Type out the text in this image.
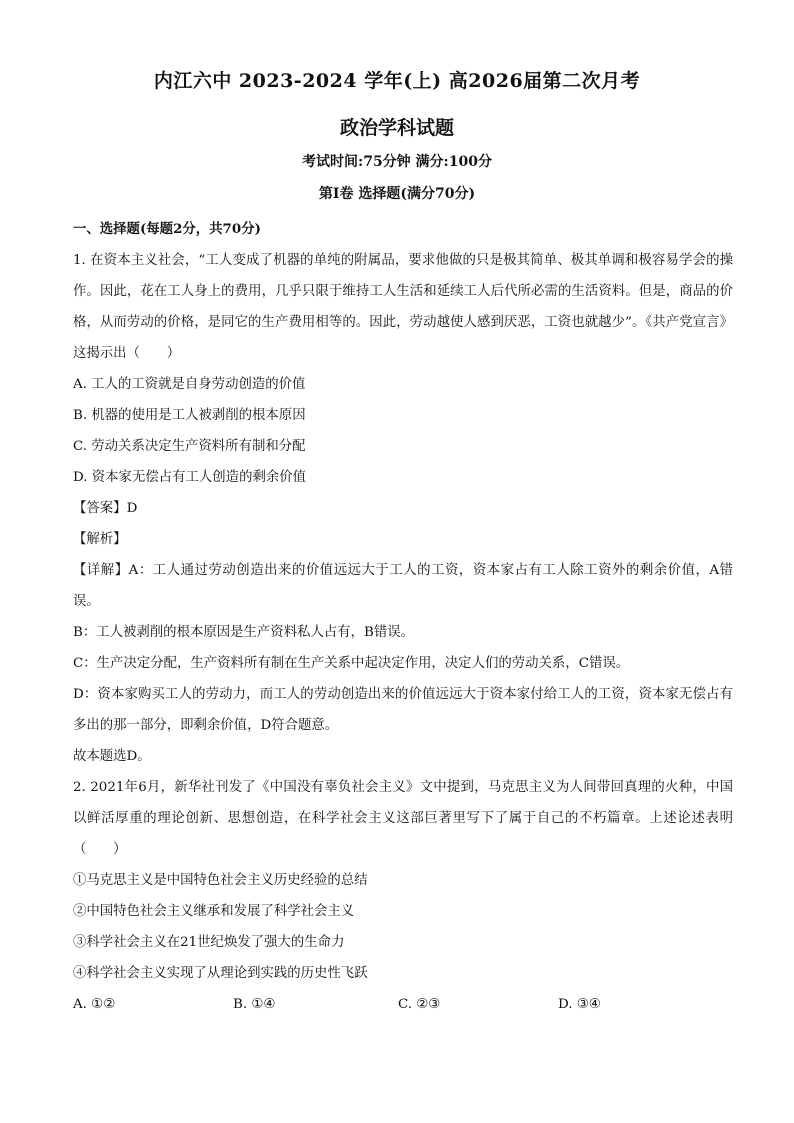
内江六中 2023-2024 学年(上) 高2026届第二次月考
政治学科试题
考试时间:75分钟 满分:100分
第Ⅰ卷 选择题(满分70分)
一、选择题(每题2分，共70分)
1. 在资本主义社会，“工人变成了机器的单纯的附属品，要求他做的只是极其简单、极其单调和极容易学会的操作。因此，花在工人身上的费用，几乎只限于维持工人生活和延续工人后代所必需的生活资料。但是，商品的价格，从而劳动的价格，是同它的生产费用相等的。因此，劳动越使人感到厌恶，工资也就越少”。《共产党宣言》这揭示出（　　）
A. 工人的工资就是自身劳动创造的价值
B. 机器的使用是工人被剥削的根本原因
C. 劳动关系决定生产资料所有制和分配
D. 资本家无偿占有工人创造的剩余价值
【答案】D
【解析】
【详解】A：工人通过劳动创造出来的价值远远大于工人的工资，资本家占有工人除工资外的剩余价值，A错误。
B：工人被剥削的根本原因是生产资料私人占有，B错误。
C：生产决定分配，生产资料所有制在生产关系中起决定作用，决定人们的劳动关系，C错误。
D：资本家购买工人的劳动力，而工人的劳动创造出来的价值远远大于资本家付给工人的工资，资本家无偿占有多出的那一部分，即剩余价值，D符合题意。
故本题选D。
2. 2021年6月，新华社刊发了《中国没有辜负社会主义》文中提到，马克思主义为人间带回真理的火种，中国以鲜活厚重的理论创新、思想创造，在科学社会主义这部巨著里写下了属于自己的不朽篇章。上述论述表明（　　）
①马克思主义是中国特色社会主义历史经验的总结
②中国特色社会主义继承和发展了科学社会主义
③科学社会主义在21世纪焕发了强大的生命力
④科学社会主义实现了从理论到实践的历史性飞跃
A. ①②	B. ①④	C. ②③	D. ③④
